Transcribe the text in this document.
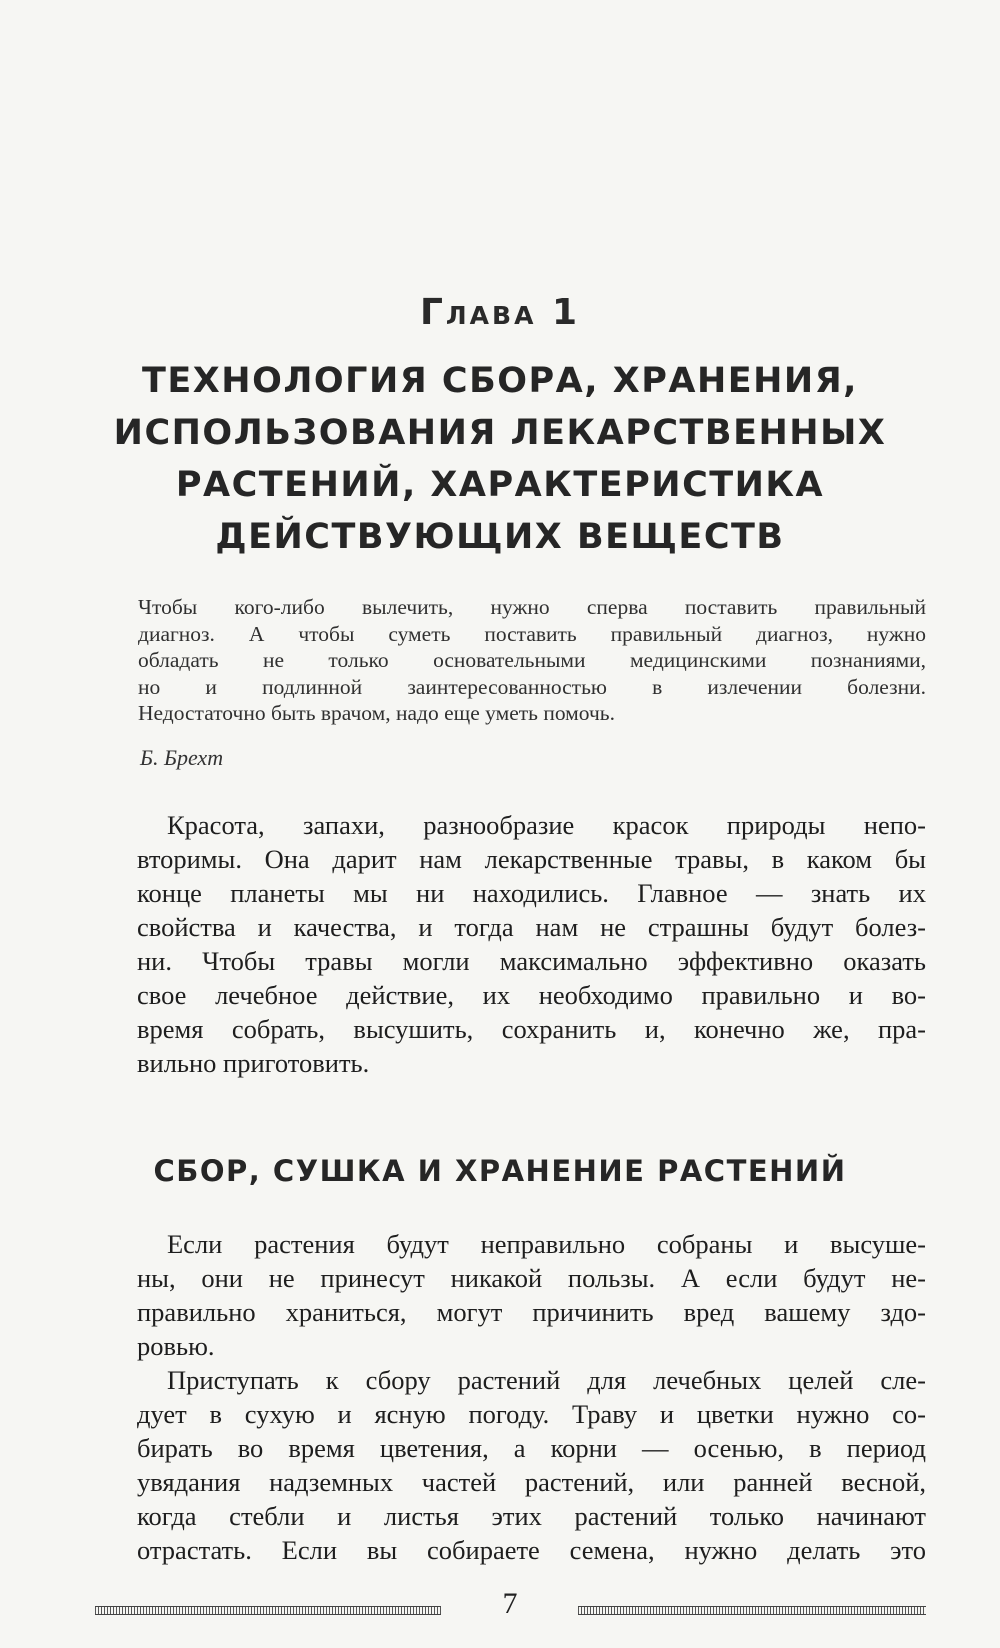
Глава 1
ТЕХНОЛОГИЯ СБОРА, ХРАНЕНИЯ,
ИСПОЛЬЗОВАНИЯ ЛЕКАРСТВЕННЫХ
РАСТЕНИЙ, ХАРАКТЕРИСТИКА
ДЕЙСТВУЮЩИХ ВЕЩЕСТВ
Чтобы кого-либо вылечить, нужно сперва поставить правильный
диагноз. А чтобы суметь поставить правильный диагноз, нужно
обладать не только основательными медицинскими познаниями,
но и подлинной заинтересованностью в излечении болезни.
Недостаточно быть врачом, надо еще уметь помочь.
Б. Брехт
Красота, запахи, разнообразие красок природы непо-
вторимы. Она дарит нам лекарственные травы, в каком бы
конце планеты мы ни находились. Главное — знать их
свойства и качества, и тогда нам не страшны будут болез-
ни. Чтобы травы могли максимально эффективно оказать
свое лечебное действие, их необходимо правильно и во-
время собрать, высушить, сохранить и, конечно же, пра-
вильно приготовить.
СБОР, СУШКА И ХРАНЕНИЕ РАСТЕНИЙ
Если растения будут неправильно собраны и высуше-
ны, они не принесут никакой пользы. А если будут не-
правильно храниться, могут причинить вред вашему здо-
ровью.
Приступать к сбору растений для лечебных целей сле-
дует в сухую и ясную погоду. Траву и цветки нужно со-
бирать во время цветения, а корни — осенью, в период
увядания надземных частей растений, или ранней весной,
когда стебли и листья этих растений только начинают
отрастать. Если вы собираете семена, нужно делать это
7
